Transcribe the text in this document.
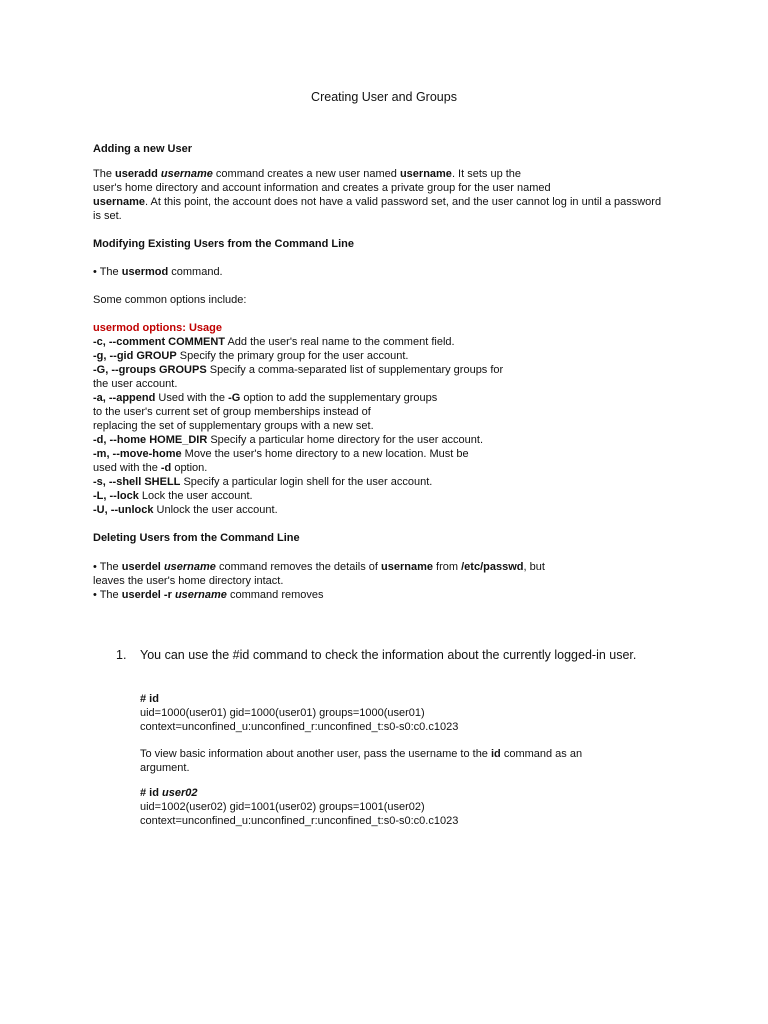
Creating User and Groups
Adding a new User
The useradd username command creates a new user named username. It sets up the
user's home directory and account information and creates a private group for the user named
username. At this point, the account does not have a valid password set, and the user cannot log in until a password
is set.
Modifying Existing Users from the Command Line
• The usermod command.
Some common options include:
usermod options: Usage
-c, --comment COMMENT Add the user's real name to the comment field.
-g, --gid GROUP Specify the primary group for the user account.
-G, --groups GROUPS Specify a comma-separated list of supplementary groups for
the user account.
-a, --append Used with the -G option to add the supplementary groups
to the user's current set of group memberships instead of
replacing the set of supplementary groups with a new set.
-d, --home HOME_DIR Specify a particular home directory for the user account.
-m, --move-home Move the user's home directory to a new location. Must be
used with the -d option.
-s, --shell SHELL Specify a particular login shell for the user account.
-L, --lock Lock the user account.
-U, --unlock Unlock the user account.
Deleting Users from the Command Line
• The userdel username command removes the details of username from /etc/passwd, but
leaves the user's home directory intact.
• The userdel -r username command removes
1. You can use the #id command to check the information about the currently logged-in user.
# id
uid=1000(user01) gid=1000(user01) groups=1000(user01)
context=unconfined_u:unconfined_r:unconfined_t:s0-s0:c0.c1023
To view basic information about another user, pass the username to the id command as an
argument.
# id user02
uid=1002(user02) gid=1001(user02) groups=1001(user02)
context=unconfined_u:unconfined_r:unconfined_t:s0-s0:c0.c1023
